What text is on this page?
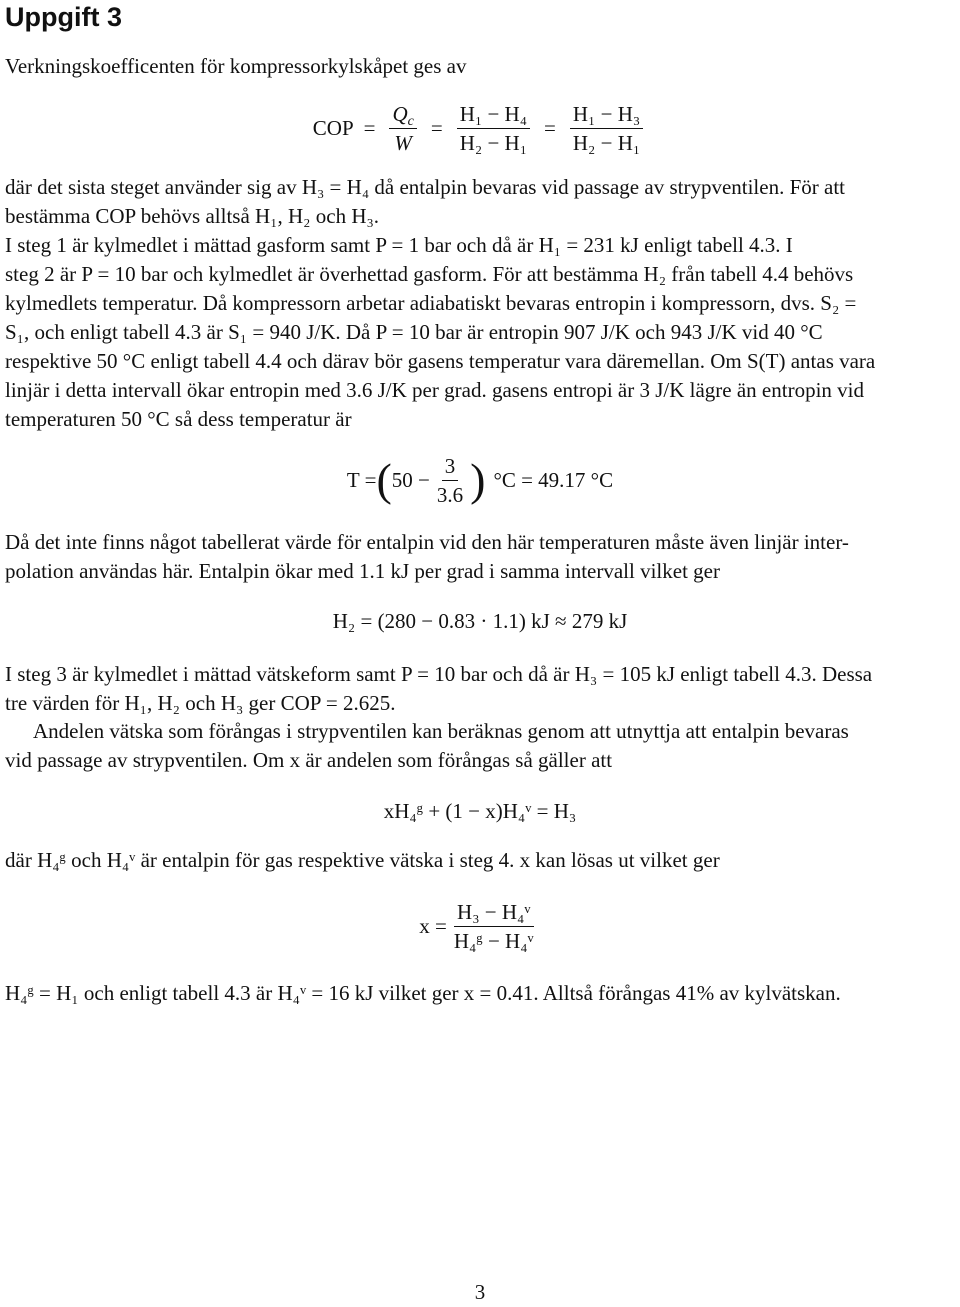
Uppgift 3

Verkningskoefficenten för kompressorkylskåpet ges av

COP = $\frac{Q_c}{W} = \frac{\text{H₁ − H₄}}{\text{H₂ − H₁}} = \frac{\text{H₁ − H₃}}{\text{H₂ − H₁}}$

där det sista steget använder sig av H₃ = H₄ då entalpin bevaras vid passage av strypventilen. För att
bestämma COP behövs alltså H₁, H₂ och H₃.

I steg 1 är kylmedlet i mättad gasform samt P = 1 bar och då är H₁ = 231 kJ enligt tabell 4.3. I
steg 2 är P = 10 bar och kylmedlet är överhettad gasform. För att bestämma H₂ från tabell 4.4 behövs
kylmedlets temperatur. Då kompressorn arbetar adiabatiskt bevaras entropin i kompressorn, dvs. S₂ =
S₁, och enligt tabell 4.3 är S₁ = 940 J/K. Då P = 10 bar är entropin 907 J/K och 943 J/K vid 40 °C
respektive 50 °C enligt tabell 4.4 och därav bör gasens temperatur vara däremellan. Om S(T) antas vara
linjär i detta intervall ökar entropin med 3.6 J/K per grad. gasens entropi är 3 J/K lägre än entropin vid
temperaturen 50 °C så dess temperatur är

T = ( $50 - \frac{3}{3.6}$ ) °C = 49.17 °C

Då det inte finns något tabellerat värde för entalpin vid den här temperaturen måste även linjär inter-
polation användas här. Entalpin ökar med 1.1 kJ per grad i samma intervall vilket ger

H₂ = (280 − 0.83 · 1.1) kJ ≈ 279 kJ

I steg 3 är kylmedlet i mättad vätskeform samt P = 10 bar och då är H₃ = 105 kJ enligt tabell 4.3. Dessa
tre värden för H₁, H₂ och H₃ ger COP = 2.625.

Andelen vätska som förångas i strypventilen kan beräknas genom att utnyttja att entalpin bevaras
vid passage av strypventilen. Om x är andelen som förångas så gäller att

xH₄ᵍ + (1 − x)H₄ᵛ = H₃

där H₄ᵍ och H₄ᵛ är entalpin för gas respektive vätska i steg 4. x kan lösas ut vilket ger

$x = \frac{\text{H₃ − H₄ᵛ}}{\text{H₄ᵍ − H₄ᵛ}}$

H₄ᵍ = H₁ och enligt tabell 4.3 är H₄ᵛ = 16 kJ vilket ger x = 0.41. Alltså förångas 41% av kylvätskan.

3
